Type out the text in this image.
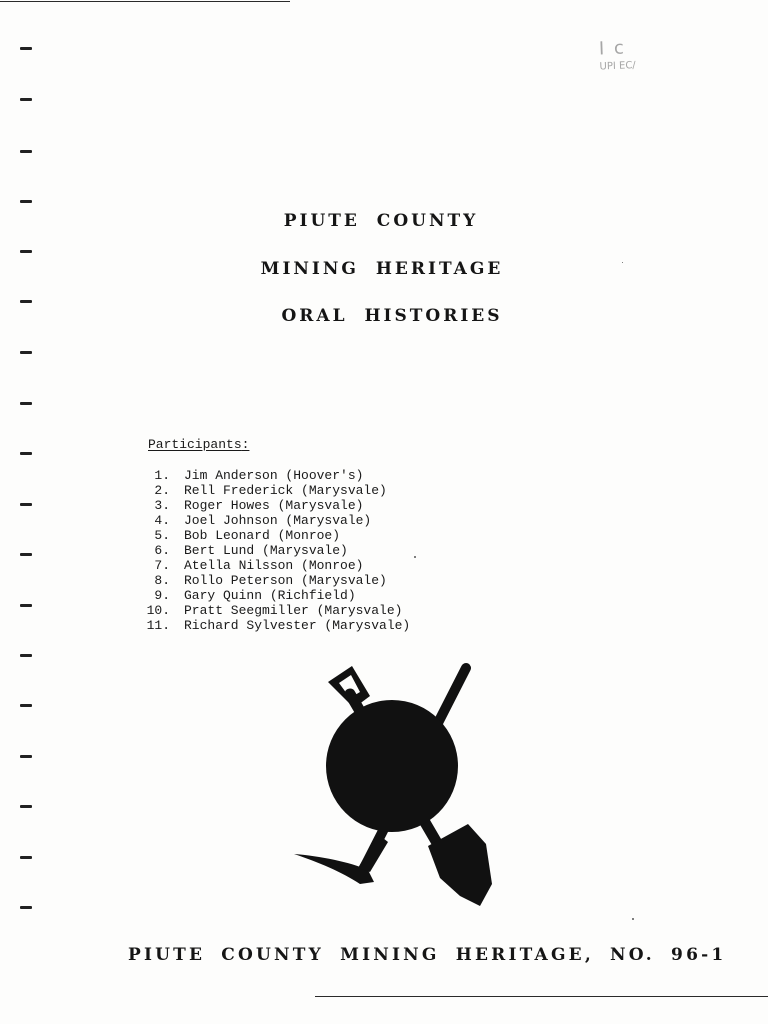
I c
UPI EC/
PIUTE COUNTY
MINING HERITAGE
ORAL HISTORIES
Participants:
1.	Jim Anderson (Hoover's)
2.	Rell Frederick (Marysvale)
3.	Roger Howes (Marysvale)
4.	Joel Johnson (Marysvale)
5.	Bob Leonard (Monroe)
6.	Bert Lund (Marysvale)
7.	Atella Nilsson (Monroe)
8.	Rollo Peterson (Marysvale)
9.	Gary Quinn (Richfield)
10.	Pratt Seegmiller (Marysvale)
11.	Richard Sylvester (Marysvale)
PIUTE COUNTY MINING HERITAGE, NO. 96-1
